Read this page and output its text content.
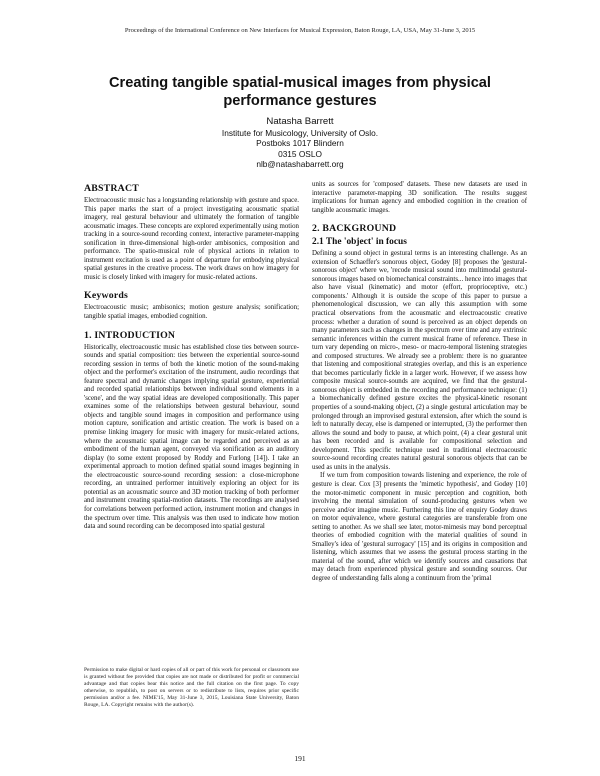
Proceedings of the International Conference on New Interfaces for Musical Expression, Baton Rouge, LA, USA, May 31-June 3, 2015
Creating tangible spatial-musical images from physical performance gestures
Natasha Barrett
Institute for Musicology, University of Oslo.
Postboks 1017 Blindern
0315 OSLO
nlb@natashabarrett.org
ABSTRACT

Electroacoustic music has a longstanding relationship with gesture and space. This paper marks the start of a project investigating acousmatic spatial imagery, real gestural behaviour and ultimately the formation of tangible acousmatic images. These concepts are explored experimentally using motion tracking in a source-sound recording context, interactive parameter-mapping sonification in three-dimensional high-order ambisonics, composition and performance. The spatio-musical role of physical actions in relation to instrument excitation is used as a point of departure for embodying physical spatial gestures in the creative process. The work draws on how imagery for music is closely linked with imagery for music-related actions.

Keywords

Electroacoustic music; ambisonics; motion gesture analysis; sonification; tangible spatial images, embodied cognition.

1. INTRODUCTION

Historically, electroacoustic music has established close ties between source-sounds and spatial composition: ties between the experiential source-sound recording session in terms of both the kinetic motion of the sound-making object and the performer's excitation of the instrument, audio recordings that feature spectral and dynamic changes implying spatial gesture, experiential and recorded spatial relationships between individual sound elements in a 'scene', and the way spatial ideas are developed compositionally. This paper examines some of the relationships between gestural behaviour, sound objects and tangible sound images in composition and performance using motion capture, sonification and artistic creation. The work is based on a premise linking imagery for music with imagery for music-related actions, where the acousmatic spatial image can be regarded and perceived as an embodiment of the human agent, conveyed via sonification as an auditory display (to some extent proposed by Roddy and Furlong [14]). I take an experimental approach to motion defined spatial sound images beginning in the electroacoustic source-sound recording session: a close-microphone recording, an untrained performer intuitively exploring an object for its potential as an acousmatic source and 3D motion tracking of both performer and instrument creating spatial-motion datasets. The recordings are analysed for correlations between performed action, instrument motion and changes in the spectrum over time. This analysis was then used to indicate how motion data and sound recording can be decomposed into spatial gestural

Permission to make digital or hard copies of all or part of this work for personal or classroom use is granted without fee provided that copies are not made or distributed for profit or commercial advantage and that copies bear this notice and the full citation on the first page. To copy otherwise, to republish, to post on servers or to redistribute to lists, requires prior specific permission and/or a fee. NIME'15, May 31-June 3, 2015, Louisiana State University, Baton Rouge, LA. Copyright remains with the author(s).

units as sources for 'composed' datasets. These new datasets are used in interactive parameter-mapping 3D sonification. The results suggest implications for human agency and embodied cognition in the creation of tangible acousmatic images.

2. BACKGROUND
2.1 The 'object' in focus

Defining a sound object in gestural terms is an interesting challenge. As an extension of Schaeffer's sonorous object, Godøy [8] proposes the 'gestural-sonorous object' where we, 'recode musical sound into multimodal gestural-sonorous images based on biomechanical constraints... hence into images that also have visual (kinematic) and motor (effort, proprioceptive, etc.) components.' Although it is outside the scope of this paper to pursue a phenomenological discussion, we can ally this assumption with some practical observations from the acousmatic and electroacoustic creative process: whether a duration of sound is perceived as an object depends on many parameters such as changes in the spectrum over time and any extrinsic semantic inferences within the current musical frame of reference. These in turn vary depending on micro-, meso- or macro-temporal listening strategies and composed structures. We already see a problem: there is no guarantee that listening and compositional strategies overlap, and this is an experience that becomes particularly fickle in a larger work. However, if we assess how composite musical source-sounds are acquired, we find that the gestural-sonorous object is embedded in the recording and performance technique: (1) a biomechanically defined gesture excites the physical-kinetic resonant properties of a sound-making object, (2) a single gestural articulation may be prolonged through an improvised gestural extension, after which the sound is left to naturally decay, else is dampened or interrupted, (3) the performer then allows the sound and body to pause, at which point, (4) a clear gestural unit has been recorded and is available for compositional selection and development. This specific technique used in traditional electroacoustic source-sound recording creates natural gestural sonorous objects that can be used as units in the analysis.

If we turn from composition towards listening and experience, the role of gesture is clear. Cox [3] presents the 'mimetic hypothesis', and Godøy [10] the motor-mimetic component in music perception and cognition, both involving the mental simulation of sound-producing gestures when we perceive and/or imagine music. Furthering this line of enquiry Godøy draws on motor equivalence, where gestural categories are transferable from one setting to another. As we shall see later, motor-mimesis may bond perceptual theories of embodied cognition with the material qualities of sound in Smalley's idea of 'gestural surrogacy' [15] and its origins in composition and listening, which assumes that we assess the gestural process starting in the material of the sound, after which we identify sources and causations that may detach from experienced physical gesture and sounding sources. Our degree of understanding falls along a continuum from the 'primal

191
